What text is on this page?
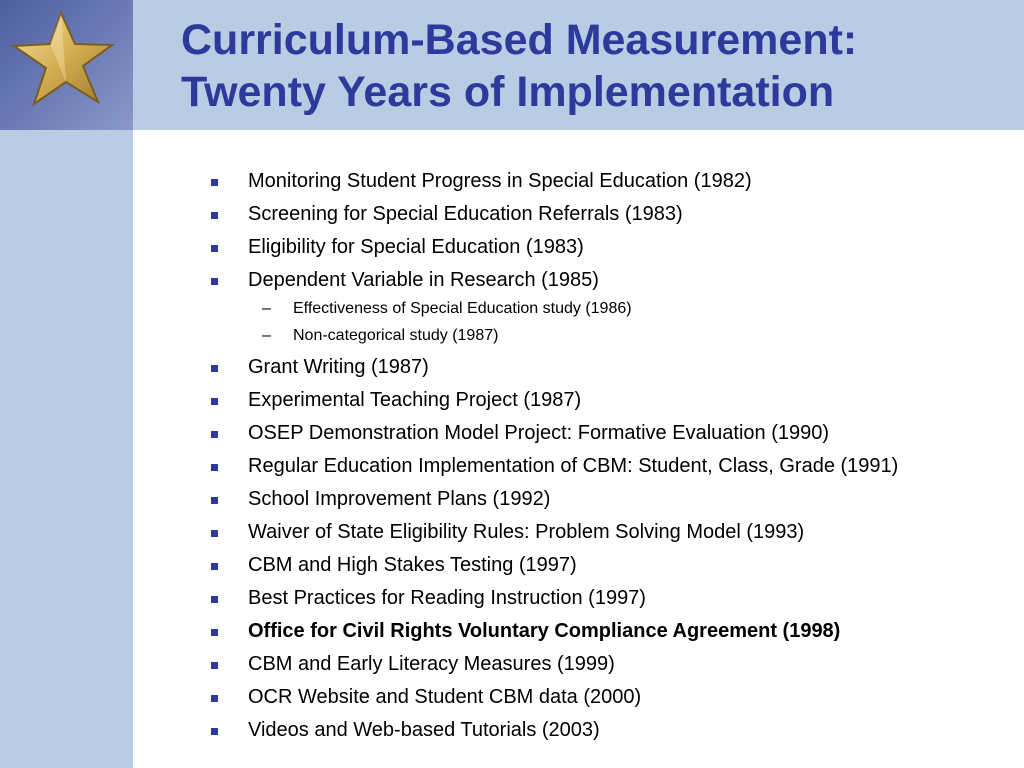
Curriculum-Based Measurement:
Twenty Years of Implementation
Monitoring Student Progress in Special Education (1982)
Screening for Special Education Referrals (1983)
Eligibility for Special Education (1983)
Dependent Variable in Research (1985)
– Effectiveness of Special Education study (1986)
– Non-categorical study (1987)
Grant Writing (1987)
Experimental Teaching Project (1987)
OSEP Demonstration Model Project: Formative Evaluation (1990)
Regular Education Implementation of CBM: Student, Class, Grade (1991)
School Improvement Plans (1992)
Waiver of State Eligibility Rules: Problem Solving Model (1993)
CBM and High Stakes Testing (1997)
Best Practices for Reading Instruction (1997)
Office for Civil Rights Voluntary Compliance Agreement (1998)
CBM and Early Literacy Measures (1999)
OCR Website and Student CBM data (2000)
Videos and Web-based Tutorials (2003)
